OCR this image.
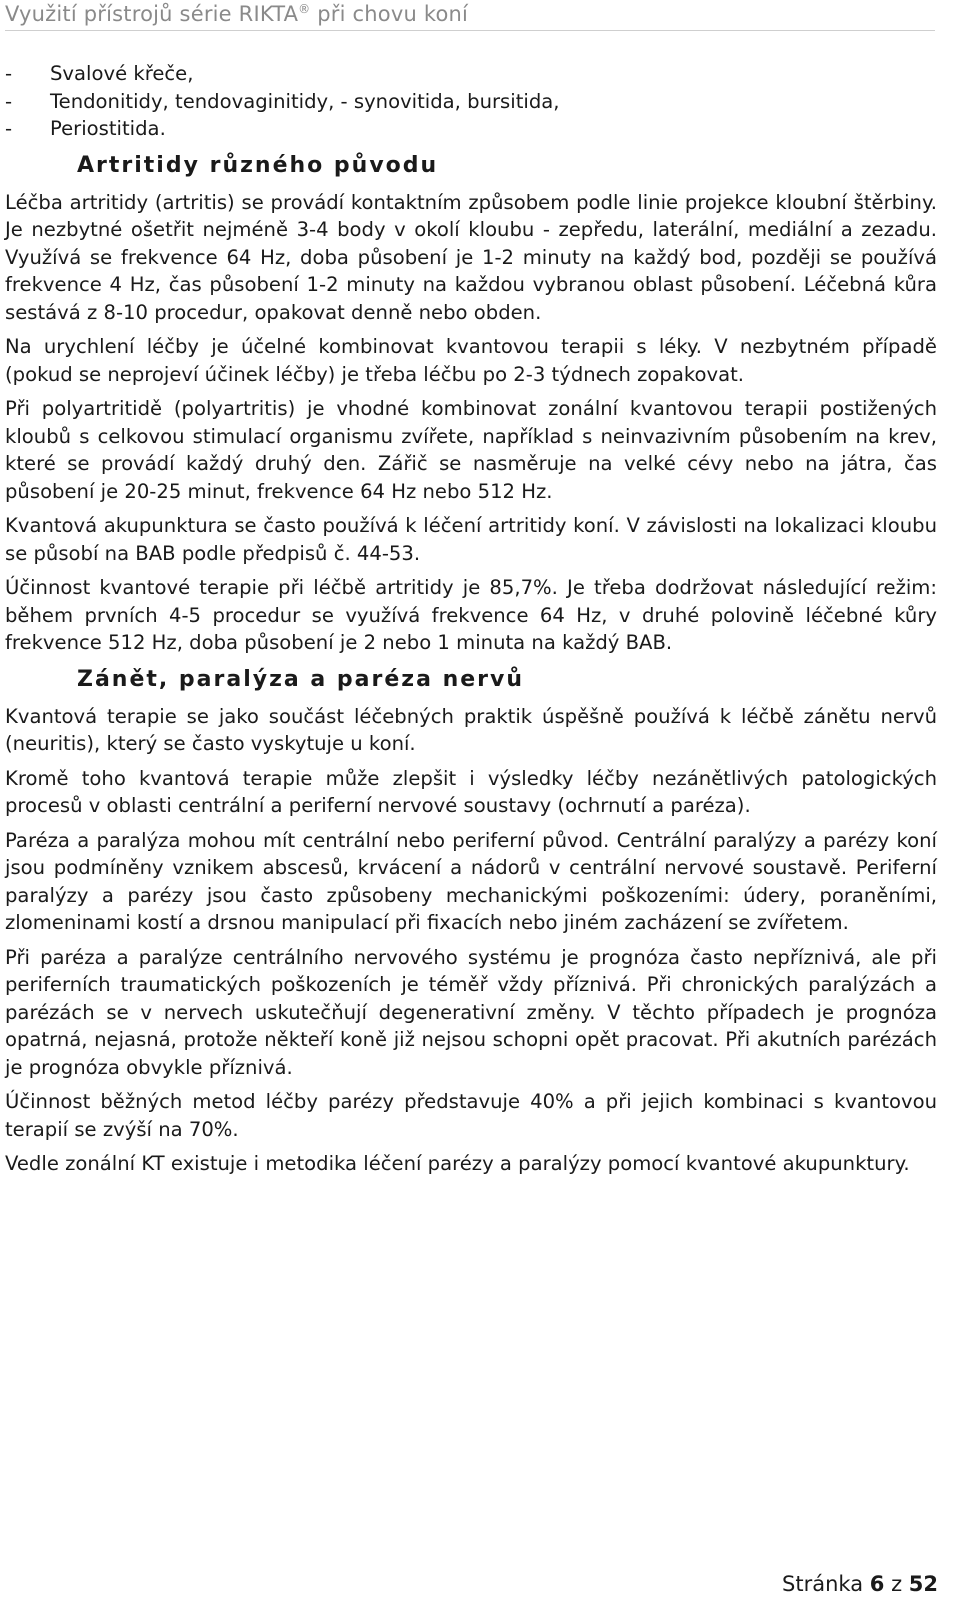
Využití přístrojů série RIKTA® při chovu koní
- Svalové křeče,
- Tendonitidy, tendovaginitidy, - synovitida, bursitida,
- Periostitida.
Artritidy různého původu

Léčba artritidy (artritis) se provádí kontaktním způsobem podle linie projekce kloubní štěrbiny. Je nezbytné ošetřit nejméně 3-4 body v okolí kloubu - zepředu, laterální, mediální a zezadu. Využívá se frekvence 64 Hz, doba působení je 1-2 minuty na každý bod, později se používá frekvence 4 Hz, čas působení 1-2 minuty na každou vybranou oblast působení. Léčebná kůra sestává z 8-10 procedur, opakovat denně nebo obden.

Na urychlení léčby je účelné kombinovat kvantovou terapii s léky. V nezbytném případě (pokud se neprojeví účinek léčby) je třeba léčbu po 2-3 týdnech zopakovat.

Při polyartritidě (polyartritis) je vhodné kombinovat zonální kvantovou terapii postižených kloubů s celkovou stimulací organismu zvířete, například s neinvazivním působením na krev, které se provádí každý druhý den. Zářič se nasměruje na velké cévy nebo na játra, čas působení je 20-25 minut, frekvence 64 Hz nebo 512 Hz.

Kvantová akupunktura se často používá k léčení artritidy koní. V závislosti na lokalizaci kloubu se působí na BAB podle předpisů č. 44-53.

Účinnost kvantové terapie při léčbě artritidy je 85,7%. Je třeba dodržovat následující režim: během prvních 4-5 procedur se využívá frekvence 64 Hz, v druhé polovině léčebné kůry frekvence 512 Hz, doba působení je 2 nebo 1 minuta na každý BAB.

Zánět, paralýza a paréza nervů

Kvantová terapie se jako součást léčebných praktik úspěšně používá k léčbě zánětu nervů (neuritis), který se často vyskytuje u koní.

Kromě toho kvantová terapie může zlepšit i výsledky léčby nezánětlivých patologických procesů v oblasti centrální a periferní nervové soustavy (ochrnutí a paréza).

Paréza a paralýza mohou mít centrální nebo periferní původ. Centrální paralýzy a parézy koní jsou podmíněny vznikem abscesů, krvácení a nádorů v centrální nervové soustavě. Periferní paralýzy a parézy jsou často způsobeny mechanickými poškozeními: údery, poraněními, zlomeninami kostí a drsnou manipulací při fixacích nebo jiném zacházení se zvířetem.

Při paréza a paralýze centrálního nervového systému je prognóza často nepříznivá, ale při periferních traumatických poškozeních je téměř vždy příznivá. Při chronických paralýzách a parézách se v nervech uskutečňují degenerativní změny. V těchto případech je prognóza opatrná, nejasná, protože někteří koně již nejsou schopni opět pracovat. Při akutních parézách je prognóza obvykle příznivá.

Účinnost běžných metod léčby parézy představuje 40% a při jejich kombinaci s kvantovou terapií se zvýší na 70%.

Vedle zonální KT existuje i metodika léčení parézy a paralýzy pomocí kvantové akupunktury.

Stránka 6 z 52
